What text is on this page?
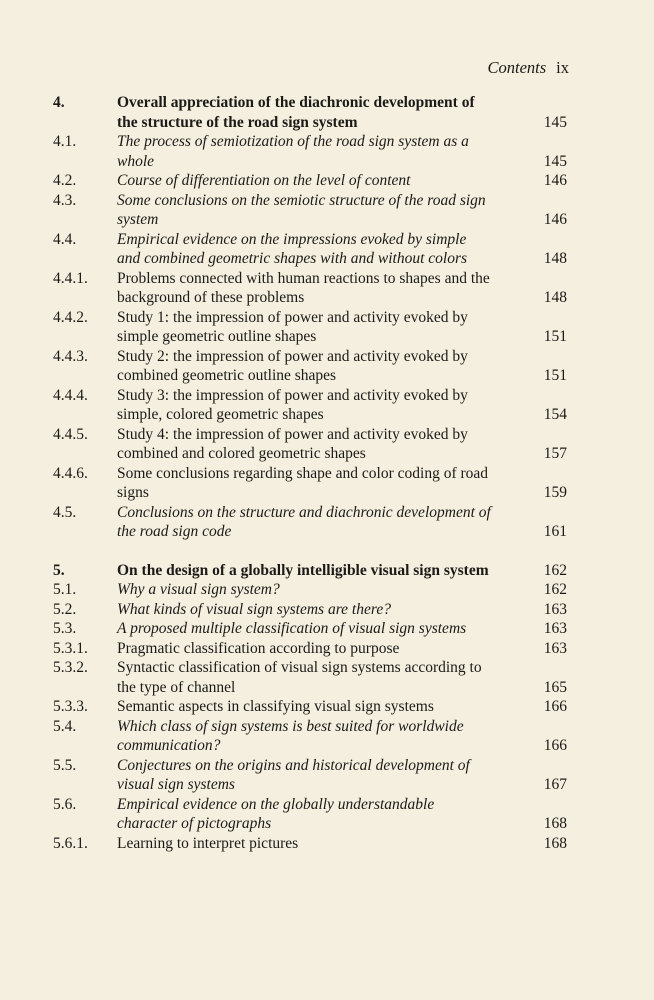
Contents ix
4.	Overall appreciation of the diachronic development of the structure of the road sign system	145
4.1.	The process of semiotization of the road sign system as a whole	145
4.2.	Course of differentiation on the level of content	146
4.3.	Some conclusions on the semiotic structure of the road sign system	146
4.4.	Empirical evidence on the impressions evoked by simple and combined geometric shapes with and without colors	148
4.4.1.	Problems connected with human reactions to shapes and the background of these problems	148
4.4.2.	Study 1: the impression of power and activity evoked by simple geometric outline shapes	151
4.4.3.	Study 2: the impression of power and activity evoked by combined geometric outline shapes	151
4.4.4.	Study 3: the impression of power and activity evoked by simple, colored geometric shapes	154
4.4.5.	Study 4: the impression of power and activity evoked by combined and colored geometric shapes	157
4.4.6.	Some conclusions regarding shape and color coding of road signs	159
4.5.	Conclusions on the structure and diachronic development of the road sign code	161
5.	On the design of a globally intelligible visual sign system	162
5.1.	Why a visual sign system?	162
5.2.	What kinds of visual sign systems are there?	163
5.3.	A proposed multiple classification of visual sign systems	163
5.3.1.	Pragmatic classification according to purpose	163
5.3.2.	Syntactic classification of visual sign systems according to the type of channel	165
5.3.3.	Semantic aspects in classifying visual sign systems	166
5.4.	Which class of sign systems is best suited for worldwide communication?	166
5.5.	Conjectures on the origins and historical development of visual sign systems	167
5.6.	Empirical evidence on the globally understandable character of pictographs	168
5.6.1.	Learning to interpret pictures	168
